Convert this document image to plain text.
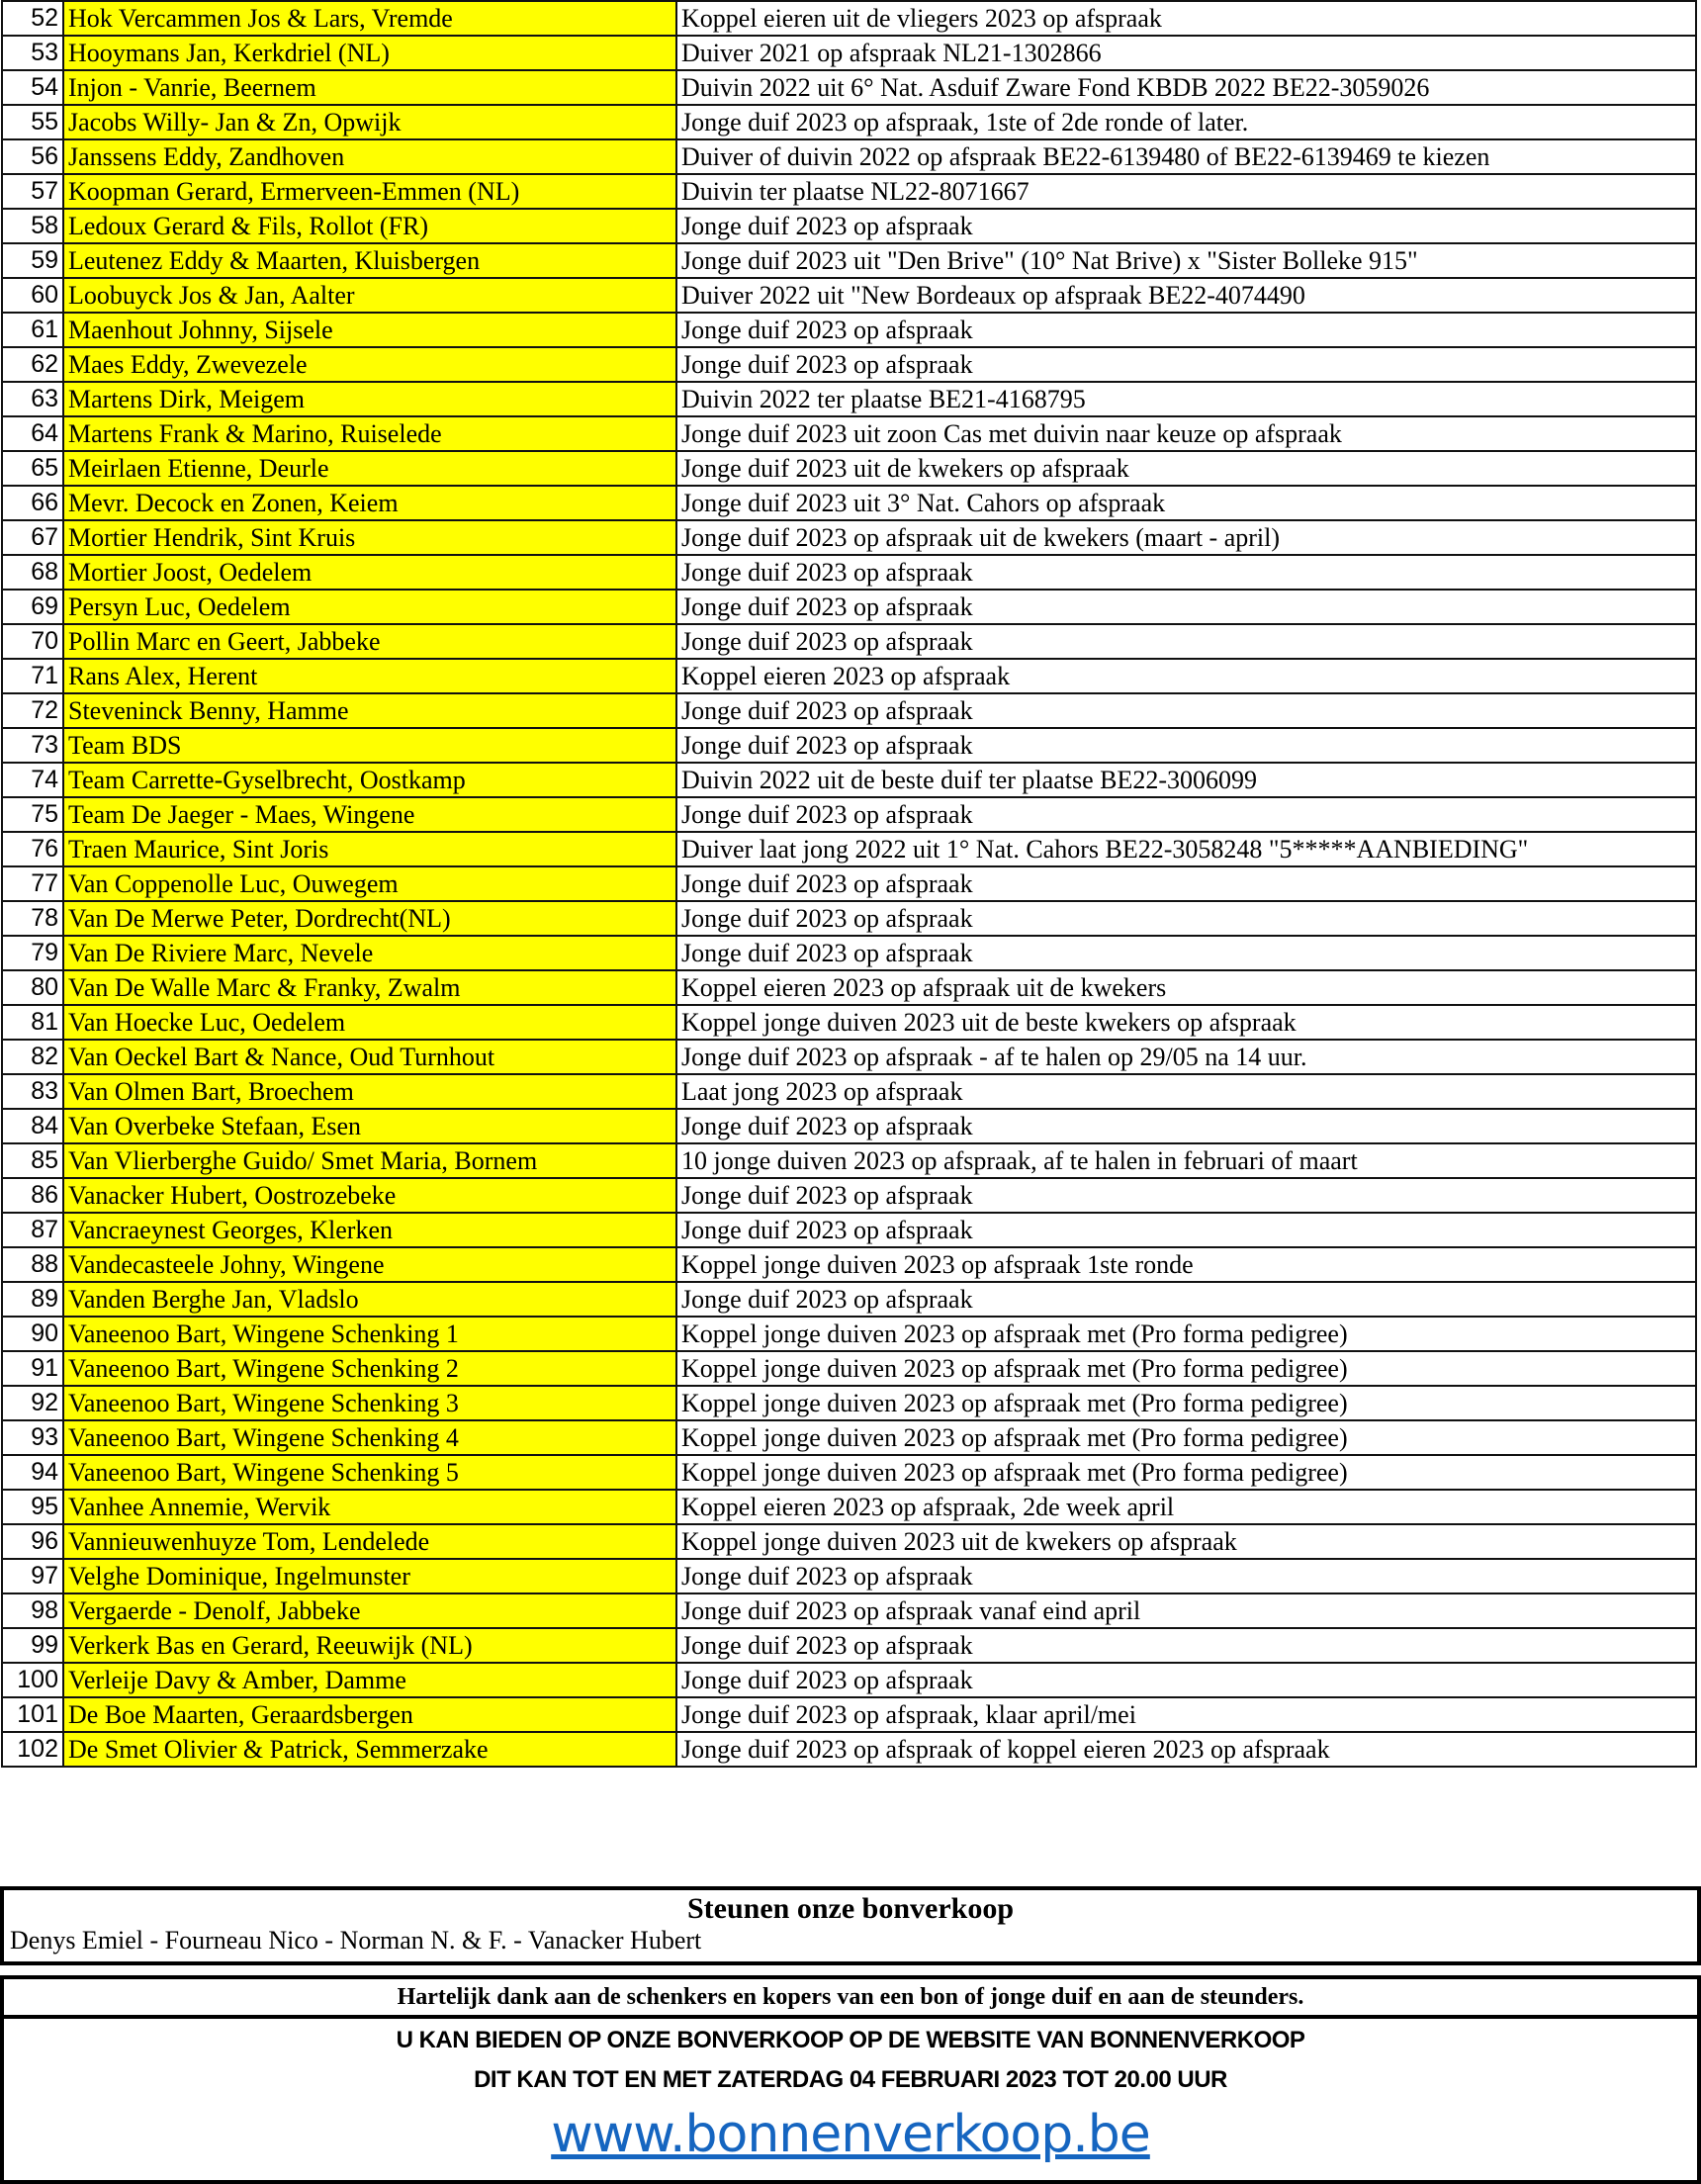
52	Hok Vercammen Jos & Lars, Vremde	Koppel eieren uit de vliegers 2023 op afspraak
53	Hooymans Jan, Kerkdriel (NL)	Duiver 2021 op afspraak NL21-1302866
54	Injon - Vanrie, Beernem	Duivin 2022 uit 6° Nat. Asduif Zware Fond KBDB 2022 BE22-3059026
55	Jacobs Willy- Jan & Zn, Opwijk	Jonge duif 2023 op afspraak, 1ste of 2de ronde of later.
56	Janssens Eddy, Zandhoven	Duiver of duivin 2022 op afspraak BE22-6139480 of BE22-6139469 te kiezen
57	Koopman Gerard, Ermerveen-Emmen (NL)	Duivin ter plaatse NL22-8071667
58	Ledoux Gerard & Fils, Rollot (FR)	Jonge duif 2023 op afspraak
59	Leutenez Eddy & Maarten, Kluisbergen	Jonge duif 2023 uit "Den Brive" (10° Nat Brive) x "Sister Bolleke 915"
60	Loobuyck Jos & Jan, Aalter	Duiver 2022 uit "New Bordeaux op afspraak BE22-4074490
61	Maenhout Johnny, Sijsele	Jonge duif 2023 op afspraak
62	Maes Eddy, Zwevezele	Jonge duif 2023 op afspraak
63	Martens Dirk, Meigem	Duivin 2022 ter plaatse BE21-4168795
64	Martens Frank & Marino, Ruiselede	Jonge duif 2023 uit zoon Cas met duivin naar keuze op afspraak
65	Meirlaen Etienne, Deurle	Jonge duif 2023 uit de kwekers op afspraak
66	Mevr. Decock en Zonen, Keiem	Jonge duif 2023 uit 3° Nat. Cahors op afspraak
67	Mortier Hendrik, Sint Kruis	Jonge duif 2023 op afspraak uit de kwekers (maart - april)
68	Mortier Joost, Oedelem	Jonge duif 2023 op afspraak
69	Persyn Luc, Oedelem	Jonge duif 2023 op afspraak
70	Pollin Marc en Geert, Jabbeke	Jonge duif 2023 op afspraak
71	Rans Alex, Herent	Koppel eieren 2023 op afspraak
72	Steveninck Benny, Hamme	Jonge duif 2023 op afspraak
73	Team BDS	Jonge duif 2023 op afspraak
74	Team Carrette-Gyselbrecht, Oostkamp	Duivin 2022 uit de beste duif ter plaatse BE22-3006099
75	Team De Jaeger - Maes, Wingene	Jonge duif 2023 op afspraak
76	Traen Maurice, Sint Joris	Duiver laat jong 2022 uit 1° Nat. Cahors BE22-3058248 "5*****AANBIEDING"
77	Van Coppenolle Luc, Ouwegem	Jonge duif 2023 op afspraak
78	Van De Merwe Peter, Dordrecht(NL)	Jonge duif 2023 op afspraak
79	Van De Riviere Marc, Nevele	Jonge duif 2023 op afspraak
80	Van De Walle Marc & Franky, Zwalm	Koppel eieren 2023 op afspraak uit de kwekers
81	Van Hoecke Luc, Oedelem	Koppel jonge duiven 2023 uit de beste kwekers op afspraak
82	Van Oeckel Bart & Nance, Oud Turnhout	Jonge duif 2023 op afspraak - af te halen op 29/05 na 14 uur.
83	Van Olmen Bart, Broechem	Laat jong 2023 op afspraak
84	Van Overbeke Stefaan, Esen	Jonge duif 2023 op afspraak
85	Van Vlierberghe Guido/ Smet Maria, Bornem	10 jonge duiven 2023 op afspraak, af te halen in februari of maart
86	Vanacker Hubert, Oostrozebeke	Jonge duif 2023 op afspraak
87	Vancraeynest Georges, Klerken	Jonge duif 2023 op afspraak
88	Vandecasteele Johny, Wingene	Koppel jonge duiven 2023 op afspraak 1ste ronde
89	Vanden Berghe Jan, Vladslo	Jonge duif 2023 op afspraak
90	Vaneenoo Bart, Wingene Schenking 1	Koppel jonge duiven 2023 op afspraak met (Pro forma pedigree)
91	Vaneenoo Bart, Wingene Schenking 2	Koppel jonge duiven 2023 op afspraak met (Pro forma pedigree)
92	Vaneenoo Bart, Wingene Schenking 3	Koppel jonge duiven 2023 op afspraak met (Pro forma pedigree)
93	Vaneenoo Bart, Wingene Schenking 4	Koppel jonge duiven 2023 op afspraak met (Pro forma pedigree)
94	Vaneenoo Bart, Wingene Schenking 5	Koppel jonge duiven 2023 op afspraak met (Pro forma pedigree)
95	Vanhee Annemie, Wervik	Koppel eieren 2023 op afspraak, 2de week april
96	Vannieuwenhuyze Tom, Lendelede	Koppel jonge duiven 2023 uit de kwekers op afspraak
97	Velghe Dominique, Ingelmunster	Jonge duif 2023 op afspraak
98	Vergaerde - Denolf, Jabbeke	Jonge duif 2023 op afspraak vanaf eind april
99	Verkerk Bas en Gerard, Reeuwijk (NL)	Jonge duif 2023 op afspraak
100	Verleije Davy & Amber, Damme	Jonge duif 2023 op afspraak
101	De Boe Maarten, Geraardsbergen	Jonge duif 2023 op afspraak, klaar april/mei
102	De Smet Olivier & Patrick, Semmerzake	Jonge duif 2023 op afspraak of koppel eieren 2023 op afspraak
Steunen onze bonverkoop
Denys Emiel - Fourneau Nico - Norman N. & F. - Vanacker Hubert
Hartelijk dank aan de schenkers en kopers van een bon of jonge duif en aan de steunders.
U KAN BIEDEN OP ONZE BONVERKOOP OP DE WEBSITE VAN BONNENVERKOOP
DIT KAN TOT EN MET ZATERDAG 04 FEBRUARI 2023 TOT 20.00 UUR
www.bonnenverkoop.be
